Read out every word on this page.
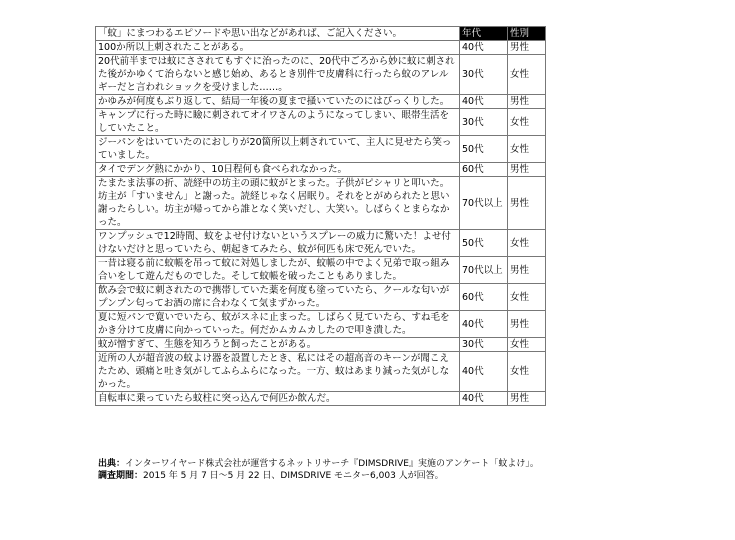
「蚊」にまつわるエピソードや思い出などがあれば、ご記入ください。	年代	性別
100か所以上刺されたことがある。	40代	男性
20代前半までは蚊にさされてもすぐに治ったのに、20代中ごろから妙に蚊に刺された後がかゆくて治らないと感じ始め、あるとき別件で皮膚科に行ったら蚊のアレルギーだと言われショックを受けました……。	30代	女性
かゆみが何度もぶり返して、結局一年後の夏まで掻いていたのにはびっくりした。	40代	男性
キャンプに行った時に瞼に刺されてオイワさんのようになってしまい、眼帯生活をしていたこと。	30代	女性
ジーパンをはいていたのにおしりが20箇所以上刺されていて、主人に見せたら笑っていました。	50代	女性
タイでデング熱にかかり、10日程何も食べられなかった。	60代	男性
たまたま法事の折、読経中の坊主の頭に蚊がとまった。子供がピシャリと叩いた。坊主が「すいません」と謝った。読経じゃなく居眠り。それをとがめられたと思い謝ったらしい。坊主が帰ってから誰となく笑いだし、大笑い。しばらくとまらなかった。	70代以上	男性
ワンプッシュで12時間、蚊をよせ付けないというスプレーの威力に驚いた！よせ付けないだけと思っていたら、朝起きてみたら、蚊が何匹も床で死んでいた。	50代	女性
一昔は寝る前に蚊帳を吊って蚊に対処しましたが、蚊帳の中でよく兄弟で取っ組み合いをして遊んだものでした。そして蚊帳を破ったこともありました。	70代以上	男性
飲み会で蚊に刺されたので携帯していた薬を何度も塗っていたら、クールな匂いがプンプン匂ってお酒の席に合わなくて気まずかった。	60代	女性
夏に短パンで寛いでいたら、蚊がスネに止まった。しばらく見ていたら、すね毛をかき分けて皮膚に向かっていった。何だかムカムカしたので叩き潰した。	40代	男性
蚊が憎すぎて、生態を知ろうと飼ったことがある。	30代	女性
近所の人が超音波の蚊よけ器を設置したとき、私にはその超高音のキーンが聞こえたため、頭痛と吐き気がしてふらふらになった。一方、蚊はあまり減った気がしなかった。	40代	女性
自転車に乗っていたら蚊柱に突っ込んで何匹か飲んだ。	40代	男性
出典：インターワイヤード株式会社が運営するネットリサーチ『DIMSDRIVE』実施のアンケート「蚊よけ」。
調査期間：2015 年 5 月 7 日～5 月 22 日、DIMSDRIVE モニター6,003 人が回答。
